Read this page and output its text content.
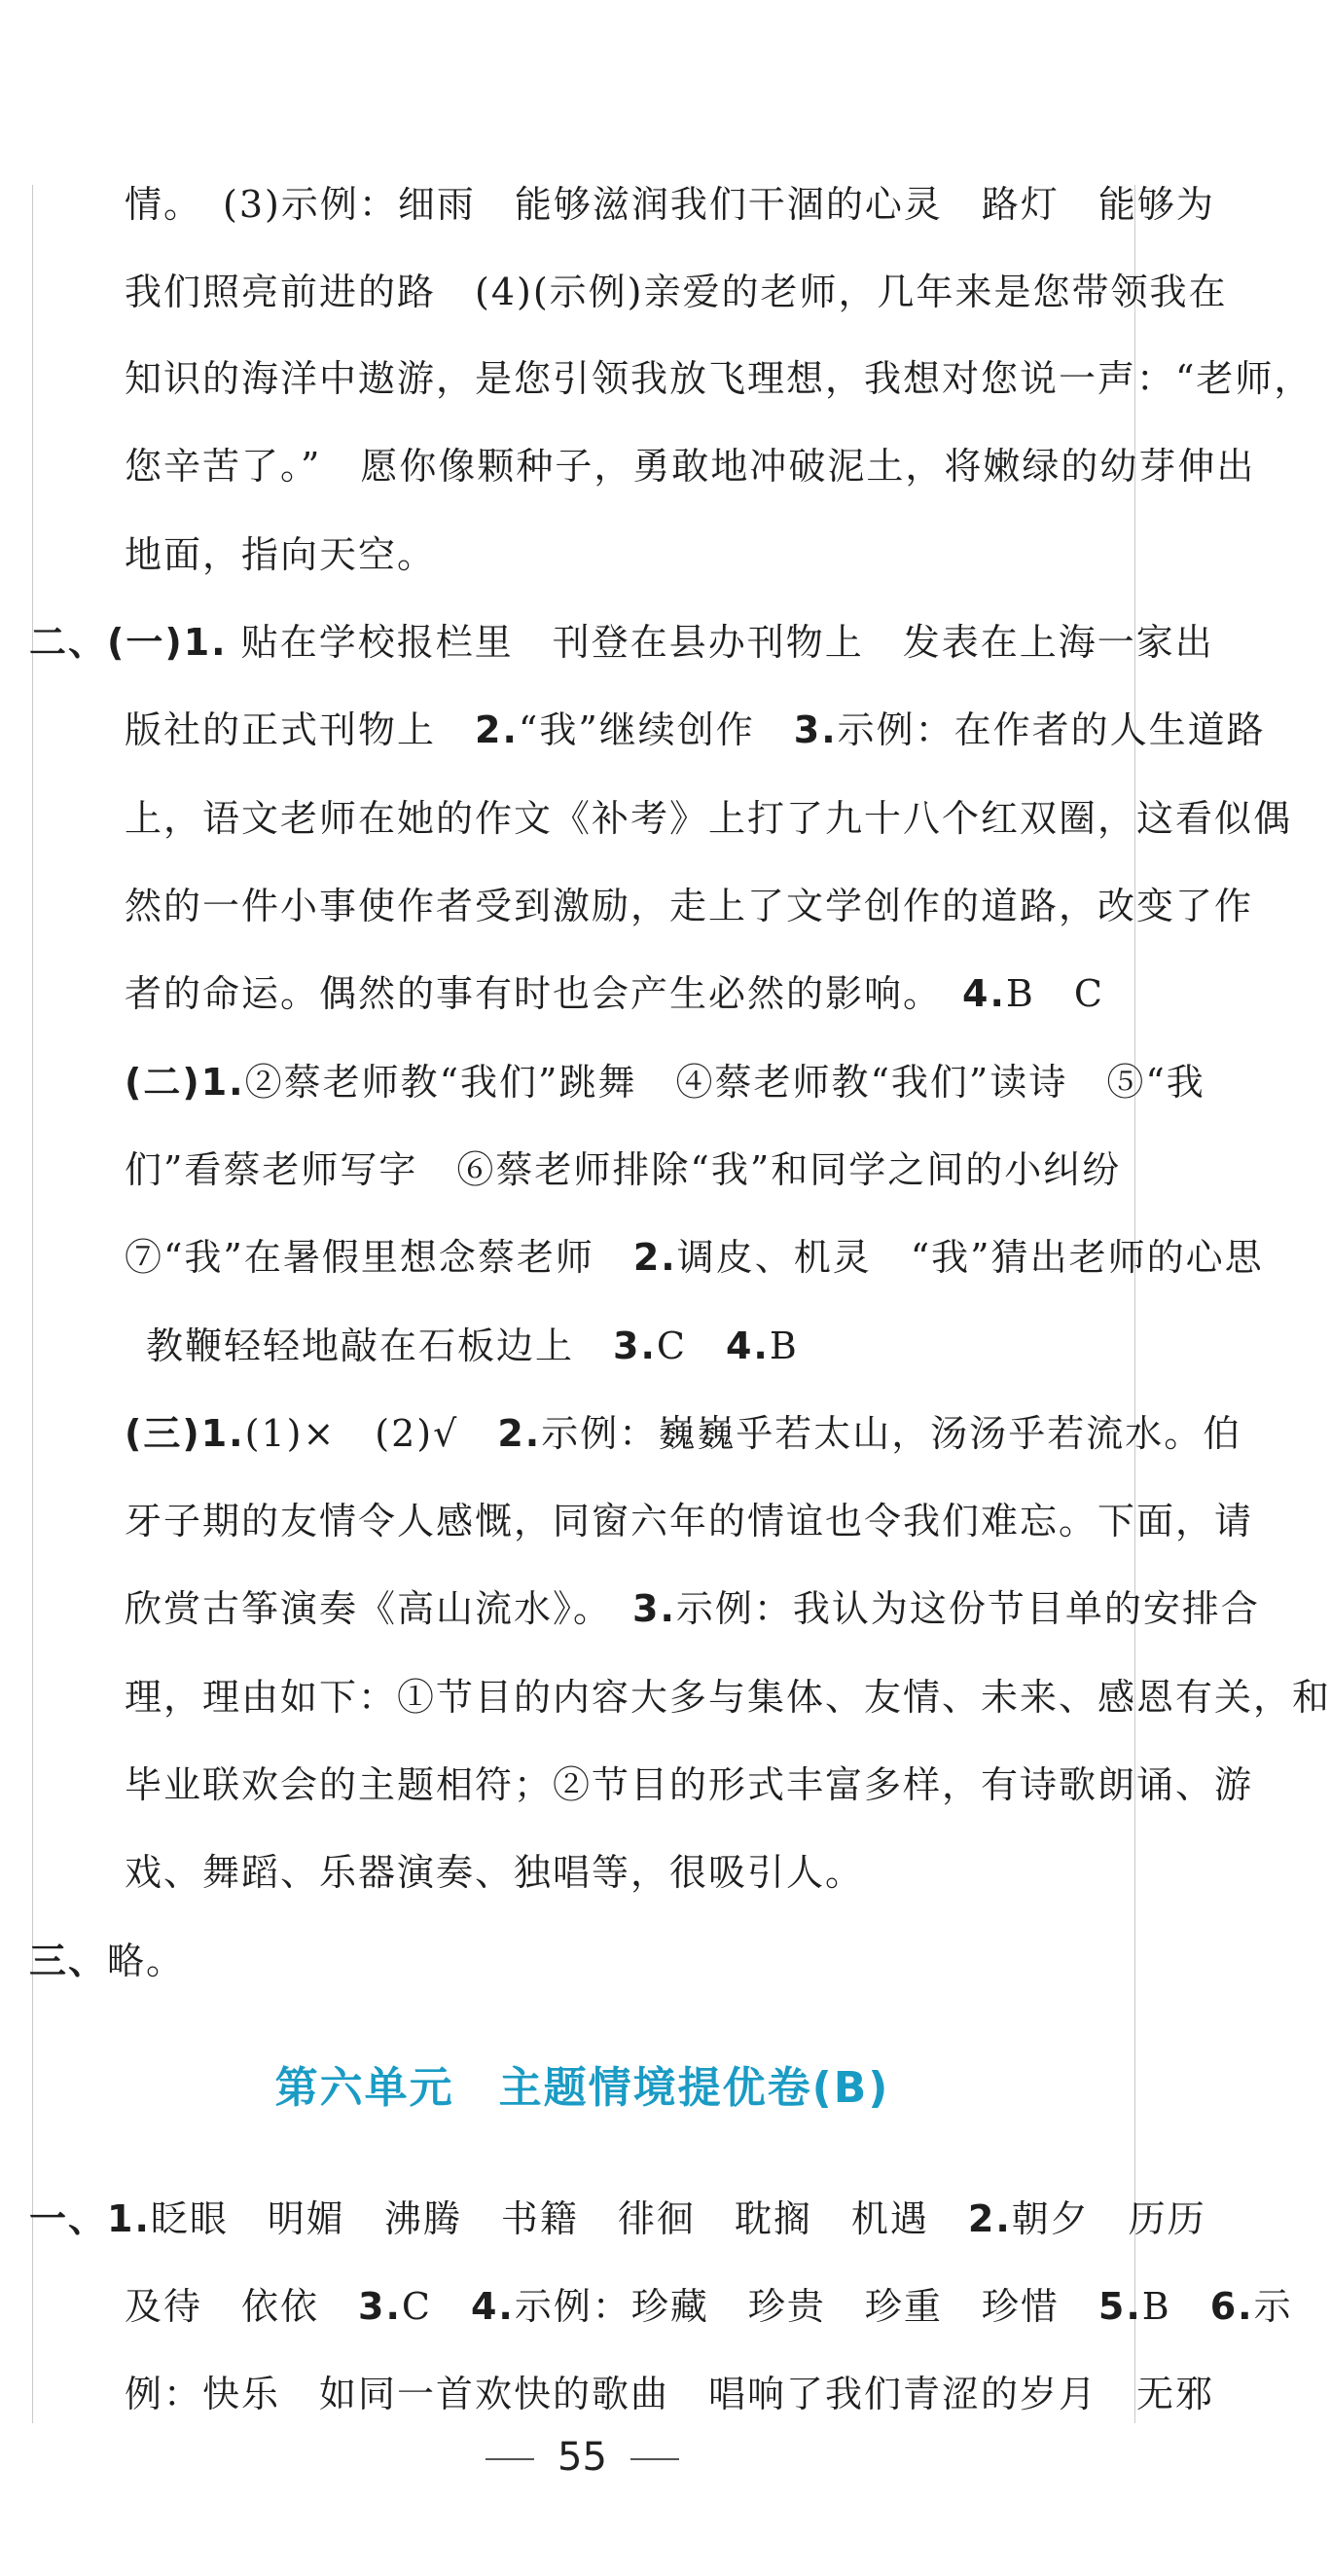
情。　(3)示例：细雨　能够滋润我们干涸的心灵　路灯　能够为
我们照亮前进的路　(4)(示例)亲爱的老师，几年来是您带领我在
知识的海洋中遨游，是您引领我放飞理想，我想对您说一声：“老师，
您辛苦了。”　愿你像颗种子，勇敢地冲破泥土，将嫩绿的幼芽伸出
地面，指向天空。
二、(一)1. 贴在学校报栏里　刊登在县办刊物上　发表在上海一家出
版社的正式刊物上　2.“我”继续创作　3.示例：在作者的人生道路
上，语文老师在她的作文《补考》上打了九十八个红双圈，这看似偶
然的一件小事使作者受到激励，走上了文学创作的道路，改变了作
者的命运。偶然的事有时也会产生必然的影响。　4.B　C
(二)1.②蔡老师教“我们”跳舞　④蔡老师教“我们”读诗　⑤“我
们”看蔡老师写字　⑥蔡老师排除“我”和同学之间的小纠纷
⑦“我”在暑假里想念蔡老师　2.调皮、机灵　“我”猜出老师的心思
教鞭轻轻地敲在石板边上　3.C　4.B
(三)1.(1)×　(2)√　2.示例：巍巍乎若太山，汤汤乎若流水。伯
牙子期的友情令人感慨，同窗六年的情谊也令我们难忘。下面，请
欣赏古筝演奏《高山流水》。　3.示例：我认为这份节目单的安排合
理，理由如下：①节目的内容大多与集体、友情、未来、感恩有关，和
毕业联欢会的主题相符；②节目的形式丰富多样，有诗歌朗诵、游
戏、舞蹈、乐器演奏、独唱等，很吸引人。
三、略。
一、1.眨眼　明媚　沸腾　书籍　徘徊　耽搁　机遇　2.朝夕　历历
及待　依依　3.C　4.示例：珍藏　珍贵　珍重　珍惜　5.B　6.示
例：快乐　如同一首欢快的歌曲　唱响了我们青涩的岁月　无邪
第六单元　主题情境提优卷(B)
55
